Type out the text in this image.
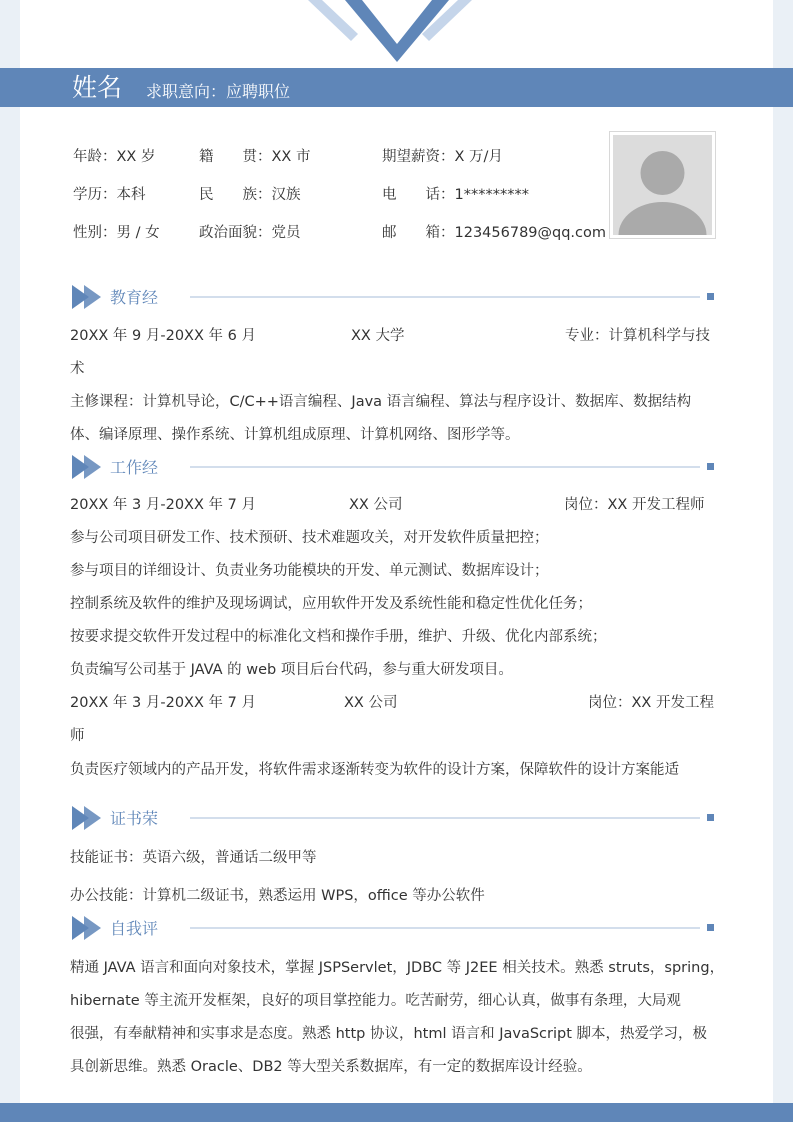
姓名 求职意向：应聘职位
年龄：XX 岁	籍　　贯：XX 市	期望薪资：X 万/月
学历：本科	民　　族：汉族	电　　话：1*********
性别：男 / 女	政治面貌：党员	邮　　箱：123456789@qq.com
教育经
20XX 年 9 月-20XX 年 6 月	XX 大学	专业：计算机科学与技
术
主修课程：计算机导论，C/C++语言编程、Java 语言编程、算法与程序设计、数据库、数据结构
体、编译原理、操作系统、计算机组成原理、计算机网络、图形学等。
工作经
20XX 年 3 月-20XX 年 7 月	XX 公司	岗位：XX 开发工程师
参与公司项目研发工作、技术预研、技术难题攻关，对开发软件质量把控；
参与项目的详细设计、负责业务功能模块的开发、单元测试、数据库设计；
控制系统及软件的维护及现场调试，应用软件开发及系统性能和稳定性优化任务；
按要求提交软件开发过程中的标准化文档和操作手册，维护、升级、优化内部系统；
负责编写公司基于 JAVA 的 web 项目后台代码，参与重大研发项目。
20XX 年 3 月-20XX 年 7 月	XX 公司	岗位：XX 开发工程
师
负责医疗领域内的产品开发，将软件需求逐渐转变为软件的设计方案，保障软件的设计方案能适
证书荣
技能证书：英语六级，普通话二级甲等
办公技能：计算机二级证书，熟悉运用 WPS，office 等办公软件
自我评
精通 JAVA 语言和面向对象技术，掌握 JSPServlet，JDBC 等 J2EE 相关技术。熟悉 struts，spring，
hibernate 等主流开发框架，良好的项目掌控能力。吃苦耐劳，细心认真，做事有条理，大局观
很强，有奉献精神和实事求是态度。熟悉 http 协议，html 语言和 JavaScript 脚本，热爱学习，极
具创新思维。熟悉 Oracle、DB2 等大型关系数据库，有一定的数据库设计经验。
